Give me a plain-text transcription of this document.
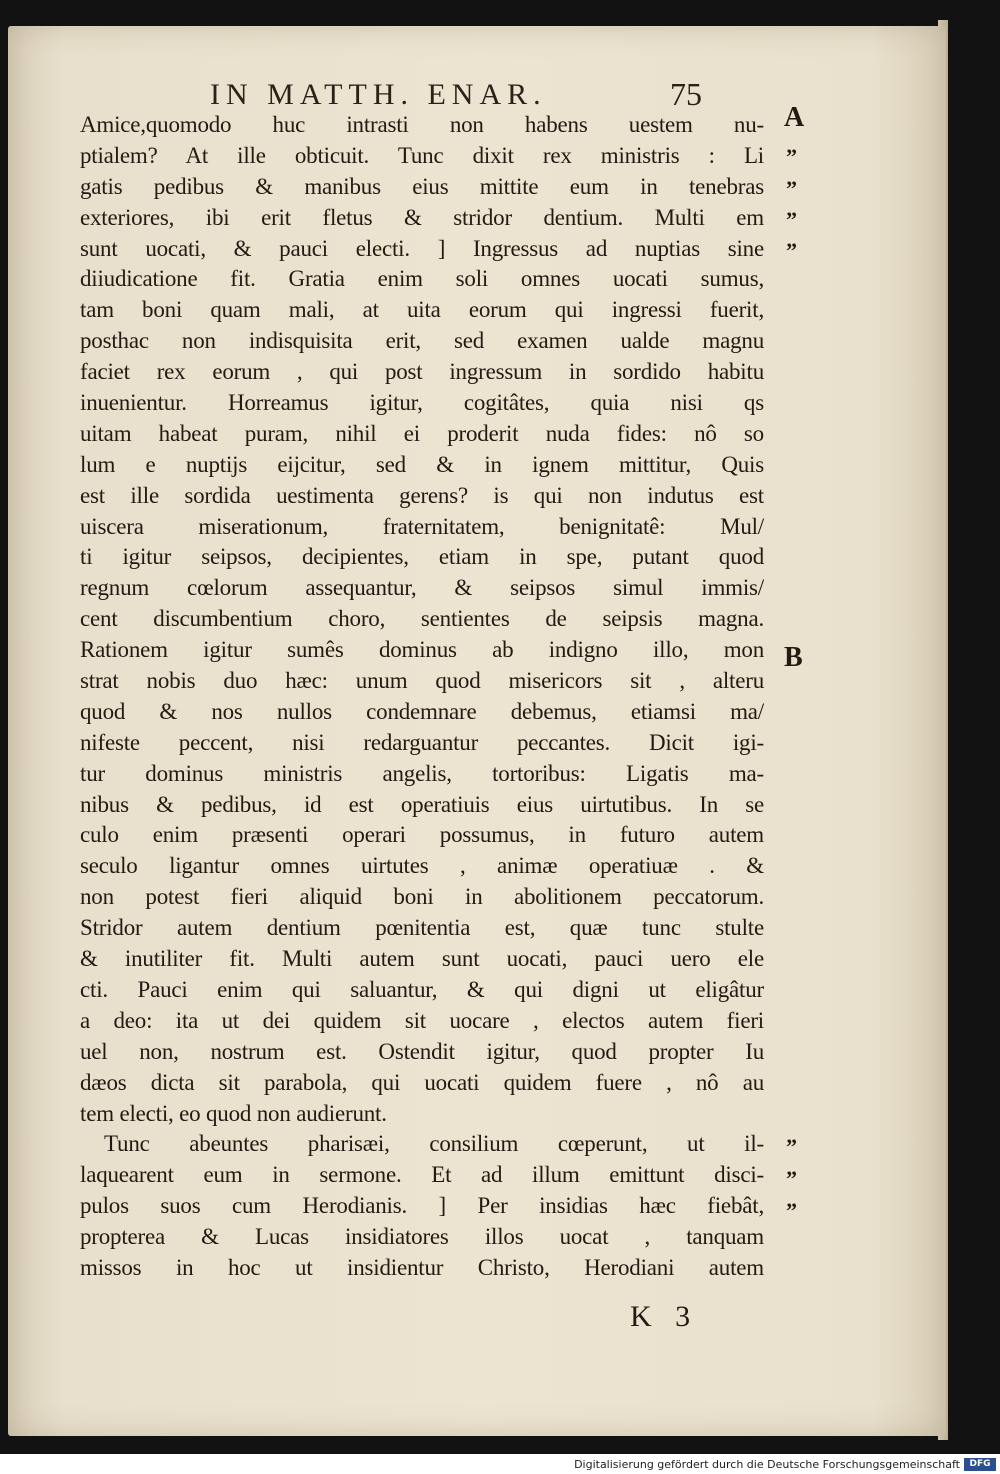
IN MATTH. ENAR.	75
A
B
”
”
”
”
”
”
”
Amice,quomodo huc intrasti non habens uestem nu-
ptialem? At ille obticuit. Tunc dixit rex ministris : Li
gatis pedibus & manibus eius mittite eum in tenebras
exteriores, ibi erit fletus & stridor dentium. Multi em
sunt uocati, & pauci electi. ] Ingressus ad nuptias sine
diiudicatione fit. Gratia enim soli omnes uocati sumus,
tam boni quam mali, at uita eorum qui ingressi fuerit,
posthac non indisquisita erit, sed examen ualde magnu
faciet rex eorum , qui post ingressum in sordido habitu
inuenientur. Horreamus igitur, cogitâtes, quia nisi qs
uitam habeat puram, nihil ei proderit nuda fides: nô so
lum e nuptijs eijcitur, sed & in ignem mittitur, Quis
est ille sordida uestimenta gerens? is qui non indutus est
uiscera miserationum, fraternitatem, benignitatê: Mul/
ti igitur seipsos, decipientes, etiam in spe, putant quod
regnum cœlorum assequantur, & seipsos simul immis/
cent discumbentium choro, sentientes de seipsis magna.
Rationem igitur sumês dominus ab indigno illo, mon
strat nobis duo hæc: unum quod misericors sit , alteru
quod & nos nullos condemnare debemus, etiamsi ma/
nifeste peccent, nisi redarguantur peccantes. Dicit igi-
tur dominus ministris angelis, tortoribus: Ligatis ma-
nibus & pedibus, id est operatiuis eius uirtutibus. In se
culo enim præsenti operari possumus, in futuro autem
seculo ligantur omnes uirtutes , animæ operatiuæ . &
non potest fieri aliquid boni in abolitionem peccatorum.
Stridor autem dentium pœnitentia est, quæ tunc stulte
& inutiliter fit. Multi autem sunt uocati, pauci uero ele
cti. Pauci enim qui saluantur, & qui digni ut eligâtur
a deo: ita ut dei quidem sit uocare , electos autem fieri
uel non, nostrum est. Ostendit igitur, quod propter Iu
dæos dicta sit parabola, qui uocati quidem fuere , nô au
tem electi, eo quod non audierunt.
Tunc abeuntes pharisæi, consilium cœperunt, ut il-
laquearent eum in sermone. Et ad illum emittunt disci-
pulos suos cum Herodianis. ] Per insidias hæc fiebât,
propterea & Lucas insidiatores illos uocat , tanquam
missos in hoc ut insidientur Christo, Herodiani autem
K 3
Digitalisierung gefördert durch die Deutsche Forschungsgemeinschaft	DFG
